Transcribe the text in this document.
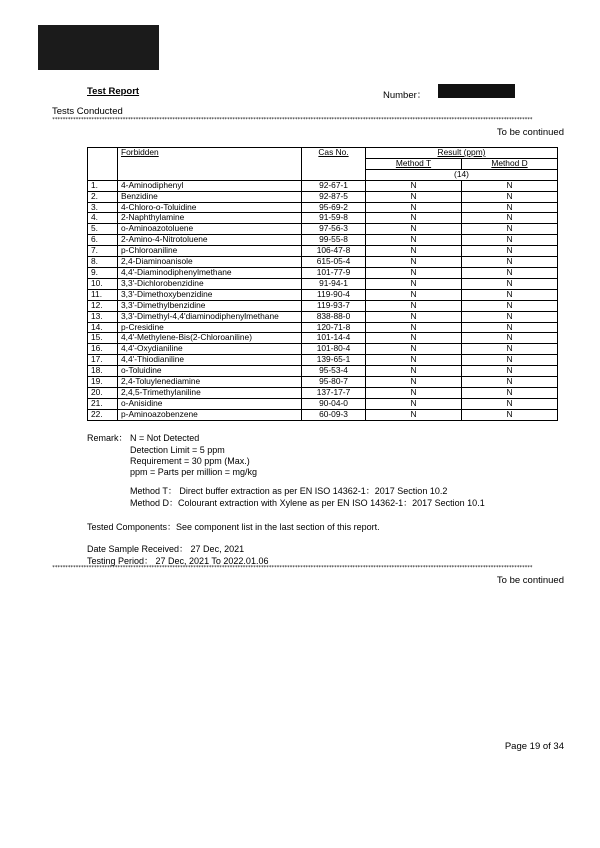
Test Report	Number：
Tests Conducted
****************************************************************************************************************************************************************************************
To be continued
	Forbidden	Cas No.	Result (ppm)	
			Method T	Method D
			(14)	
1.	4-Aminodiphenyl	92-67-1	N	N
2.	Benzidine	92-87-5	N	N
3.	4-Chloro-o-Toluidine	95-69-2	N	N
4.	2-Naphthylamine	91-59-8	N	N
5.	o-Aminoazotoluene	97-56-3	N	N
6.	2-Amino-4-Nitrotoluene	99-55-8	N	N
7.	p-Chloroaniline	106-47-8	N	N
8.	2,4-Diaminoanisole	615-05-4	N	N
9.	4,4'-Diaminodiphenylmethane	101-77-9	N	N
10.	3,3'-Dichlorobenzidine	91-94-1	N	N
11.	3,3'-Dimethoxybenzidine	119-90-4	N	N
12.	3,3'-Dimethylbenzidine	119-93-7	N	N
13.	3,3'-Dimethyl-4,4'diaminodiphenylmethane	838-88-0	N	N
14.	p-Cresidine	120-71-8	N	N
15.	4,4'-Methylene-Bis(2-Chloroaniline)	101-14-4	N	N
16.	4,4'-Oxydianiline	101-80-4	N	N
17.	4,4'-Thiodianiline	139-65-1	N	N
18.	o-Toluidine	95-53-4	N	N
19.	2,4-Toluylenediamine	95-80-7	N	N
20.	2,4,5-Trimethylaniline	137-17-7	N	N
21.	o-Anisidine	90-04-0	N	N
22.	p-Aminoazobenzene	60-09-3	N	N
Remark： N = Not Detected
Detection Limit = 5 ppm
Requirement = 30 ppm (Max.)
ppm = Parts per million = mg/kg
Method T： Direct buffer extraction as per EN ISO 14362-1：2017 Section 10.2
Method D：Colourant extraction with Xylene as per EN ISO 14362-1：2017 Section 10.1
Tested Components：See component list in the last section of this report.
Date Sample Received： 27 Dec, 2021
Testing Period： 27 Dec, 2021 To 2022.01.06
****************************************************************************************************************************************************************************************
To be continued
Page 19 of 34
